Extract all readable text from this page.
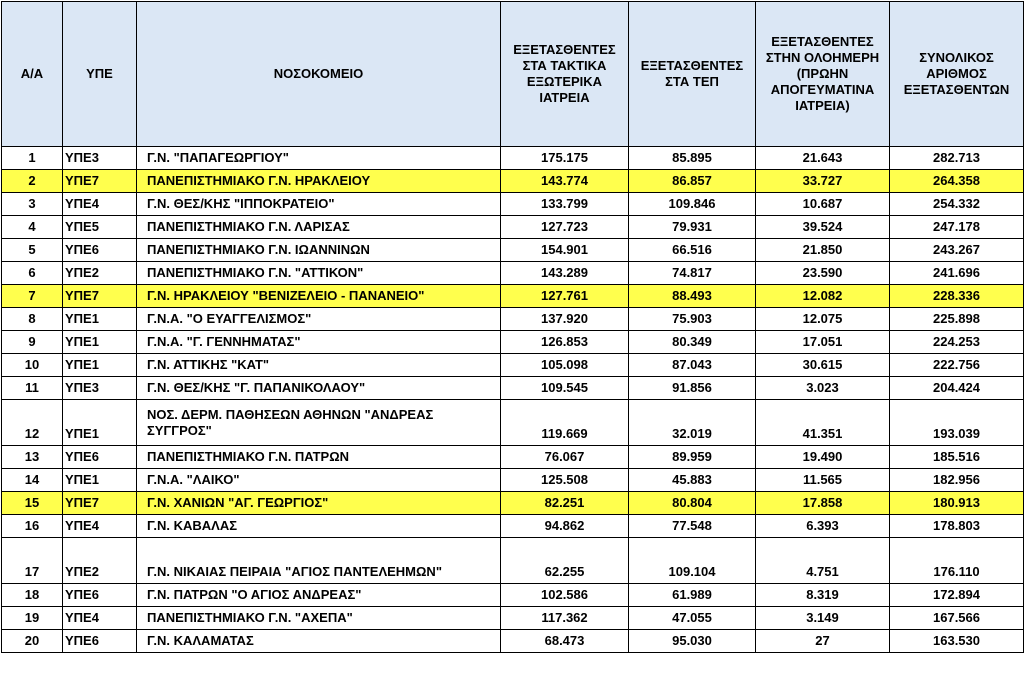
Α/Α	ΥΠΕ	ΝΟΣΟΚΟΜΕΙΟ	ΕΞΕΤΑΣΘΕΝΤΕΣ ΣΤΑ ΤΑΚΤΙΚΑ ΕΞΩΤΕΡΙΚΑ ΙΑΤΡΕΙΑ	ΕΞΕΤΑΣΘΕΝΤΕΣ ΣΤΑ ΤΕΠ	ΕΞΕΤΑΣΘΕΝΤΕΣ ΣΤΗΝ ΟΛΟΗΜΕΡΗ (ΠΡΩΗΝ ΑΠΟΓΕΥΜΑΤΙΝΑ ΙΑΤΡΕΙΑ)	ΣΥΝΟΛΙΚΟΣ ΑΡΙΘΜΟΣ ΕΞΕΤΑΣΘΕΝΤΩΝ
1	ΥΠΕ3	Γ.Ν. "ΠΑΠΑΓΕΩΡΓΙΟΥ"	175.175	85.895	21.643	282.713
2	ΥΠΕ7	ΠΑΝΕΠΙΣΤΗΜΙΑΚΟ Γ.Ν. ΗΡΑΚΛΕΙΟΥ	143.774	86.857	33.727	264.358
3	ΥΠΕ4	Γ.Ν. ΘΕΣ/ΚΗΣ "ΙΠΠΟΚΡΑΤΕΙΟ"	133.799	109.846	10.687	254.332
4	ΥΠΕ5	ΠΑΝΕΠΙΣΤΗΜΙΑΚΟ Γ.Ν. ΛΑΡΙΣΑΣ	127.723	79.931	39.524	247.178
5	ΥΠΕ6	ΠΑΝΕΠΙΣΤΗΜΙΑΚΟ Γ.Ν. ΙΩΑΝΝΙΝΩΝ	154.901	66.516	21.850	243.267
6	ΥΠΕ2	ΠΑΝΕΠΙΣΤΗΜΙΑΚΟ Γ.Ν. "ΑΤΤΙΚΟΝ"	143.289	74.817	23.590	241.696
7	ΥΠΕ7	Γ.Ν. ΗΡΑΚΛΕΙΟΥ "ΒΕΝΙΖΕΛΕΙΟ - ΠΑΝΑΝΕΙΟ"	127.761	88.493	12.082	228.336
8	ΥΠΕ1	Γ.Ν.Α. "Ο ΕΥΑΓΓΕΛΙΣΜΟΣ"	137.920	75.903	12.075	225.898
9	ΥΠΕ1	Γ.Ν.Α. "Γ. ΓΕΝΝΗΜΑΤΑΣ"	126.853	80.349	17.051	224.253
10	ΥΠΕ1	Γ.Ν. ΑΤΤΙΚΗΣ "ΚΑΤ"	105.098	87.043	30.615	222.756
11	ΥΠΕ3	Γ.Ν. ΘΕΣ/ΚΗΣ "Γ. ΠΑΠΑΝΙΚΟΛΑΟΥ"	109.545	91.856	3.023	204.424
12	ΥΠΕ1	ΝΟΣ. ΔΕΡΜ. ΠΑΘΗΣΕΩΝ ΑΘΗΝΩΝ "ΑΝΔΡΕΑΣ ΣΥΓΓΡΟΣ"	119.669	32.019	41.351	193.039
13	ΥΠΕ6	ΠΑΝΕΠΙΣΤΗΜΙΑΚΟ Γ.Ν. ΠΑΤΡΩΝ	76.067	89.959	19.490	185.516
14	ΥΠΕ1	Γ.Ν.Α. "ΛΑΙΚΟ"	125.508	45.883	11.565	182.956
15	ΥΠΕ7	Γ.Ν. ΧΑΝΙΩΝ "ΑΓ. ΓΕΩΡΓΙΟΣ"	82.251	80.804	17.858	180.913
16	ΥΠΕ4	Γ.Ν. ΚΑΒΑΛΑΣ	94.862	77.548	6.393	178.803
17	ΥΠΕ2	Γ.Ν. ΝΙΚΑΙΑΣ ΠΕΙΡΑΙΑ "ΑΓΙΟΣ ΠΑΝΤΕΛΕΗΜΩΝ"	62.255	109.104	4.751	176.110
18	ΥΠΕ6	Γ.Ν. ΠΑΤΡΩΝ "Ο ΑΓΙΟΣ ΑΝΔΡΕΑΣ"	102.586	61.989	8.319	172.894
19	ΥΠΕ4	ΠΑΝΕΠΙΣΤΗΜΙΑΚΟ Γ.Ν. "ΑΧΕΠΑ"	117.362	47.055	3.149	167.566
20	ΥΠΕ6	Γ.Ν. ΚΑΛΑΜΑΤΑΣ	68.473	95.030	27	163.530
